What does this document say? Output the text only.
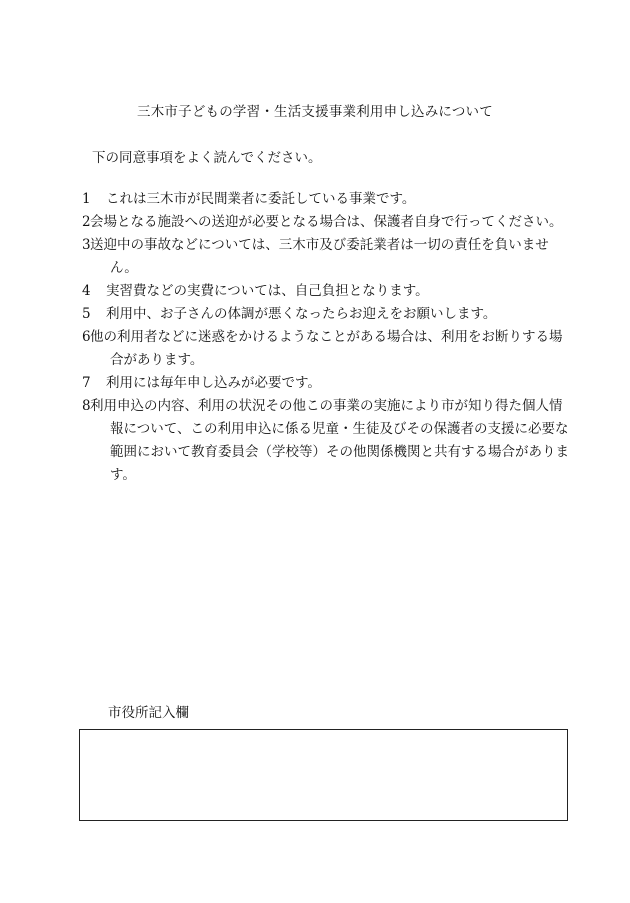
三木市子どもの学習・生活支援事業利用申し込みについて
下の同意事項をよく読んでください。
1	これは三木市が民間業者に委託している事業です。
2 会場となる施設への送迎が必要となる場合は、保護者自身で行ってください。
3 送迎中の事故などについては、三木市及び委託業者は一切の責任を負いません。
4	実習費などの実費については、自己負担となります。
5	利用中、お子さんの体調が悪くなったらお迎えをお願いします。
6 他の利用者などに迷惑をかけるようなことがある場合は、利用をお断りする場合があります。
7	利用には毎年申し込みが必要です。
8 利用申込の内容、利用の状況その他この事業の実施により市が知り得た個人情報について、この利用申込に係る児童・生徒及びその保護者の支援に必要な範囲において教育委員会（学校等）その他関係機関と共有する場合があります。
市役所記入欄
